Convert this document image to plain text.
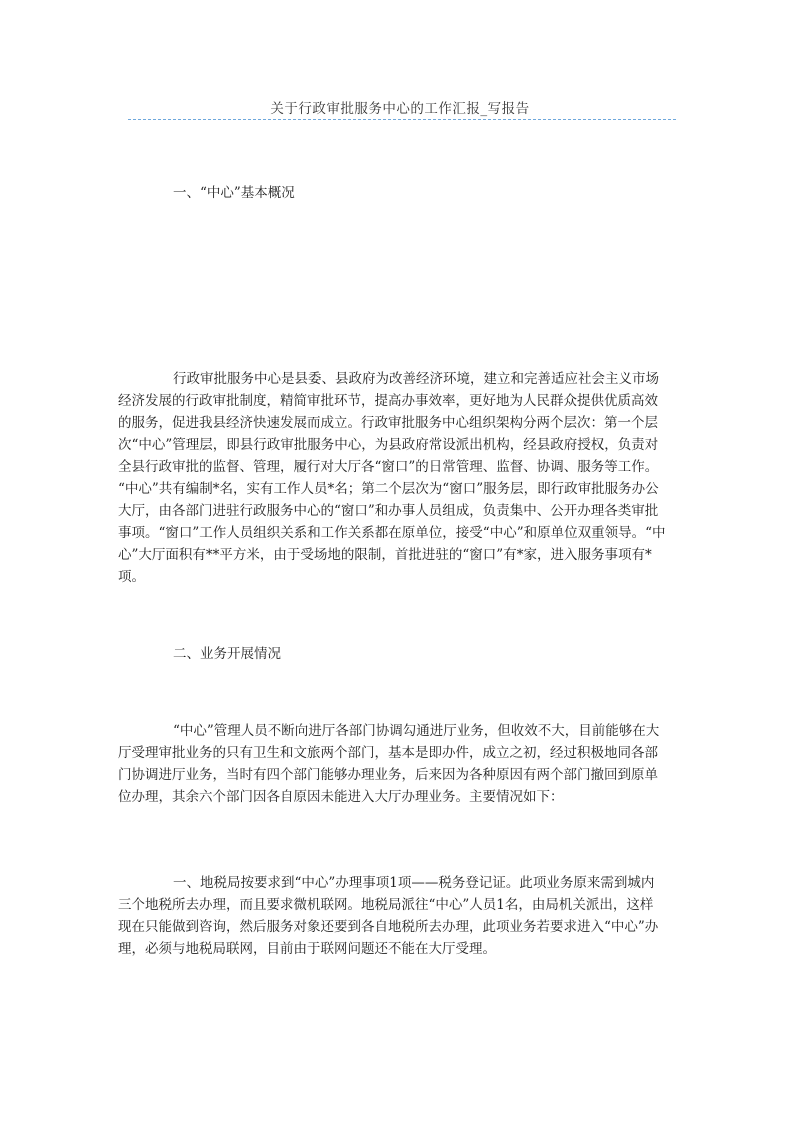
关于行政审批服务中心的工作汇报_写报告
一、“中心”基本概况
行政审批服务中心是县委、县政府为改善经济环境，建立和完善适应社会主义市场
经济发展的行政审批制度，精简审批环节，提高办事效率，更好地为人民群众提供优质高效
的服务，促进我县经济快速发展而成立。行政审批服务中心组织架构分两个层次：第一个层
次“中心”管理层，即县行政审批服务中心，为县政府常设派出机构，经县政府授权，负责对
全县行政审批的监督、管理，履行对大厅各“窗口”的日常管理、监督、协调、服务等工作。
“中心”共有编制*名，实有工作人员*名；第二个层次为“窗口”服务层，即行政审批服务办公
大厅，由各部门进驻行政服务中心的“窗口”和办事人员组成，负责集中、公开办理各类审批
事项。“窗口”工作人员组织关系和工作关系都在原单位，接受“中心”和原单位双重领导。“中
心”大厅面积有**平方米，由于受场地的限制，首批进驻的“窗口”有*家，进入服务事项有*
项。
二、业务开展情况
“中心”管理人员不断向进厅各部门协调勾通进厅业务，但收效不大，目前能够在大
厅受理审批业务的只有卫生和文旅两个部门，基本是即办件，成立之初，经过积极地同各部
门协调进厅业务，当时有四个部门能够办理业务，后来因为各种原因有两个部门撤回到原单
位办理，其余六个部门因各自原因未能进入大厅办理业务。主要情况如下：
一、地税局按要求到“中心”办理事项1项——税务登记证。此项业务原来需到城内
三个地税所去办理，而且要求微机联网。地税局派往“中心”人员1名，由局机关派出，这样
现在只能做到咨询，然后服务对象还要到各自地税所去办理，此项业务若要求进入“中心”办
理，必须与地税局联网，目前由于联网问题还不能在大厅受理。
